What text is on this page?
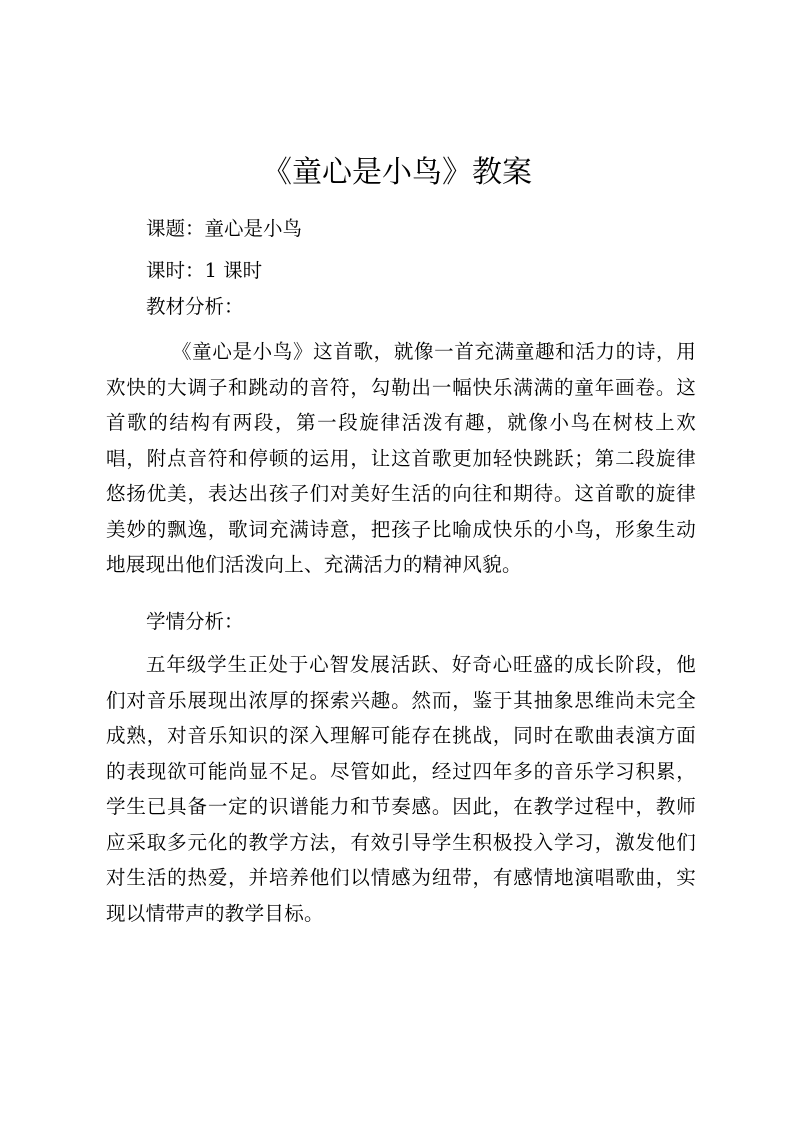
《童心是小鸟》教案
课题：童心是小鸟
课时：1 课时
教材分析：

《童心是小鸟》这首歌，就像一首充满童趣和活力的诗，用欢快的大调子和跳动的音符，勾勒出一幅快乐满满的童年画卷。这首歌的结构有两段，第一段旋律活泼有趣，就像小鸟在树枝上欢唱，附点音符和停顿的运用，让这首歌更加轻快跳跃；第二段旋律悠扬优美，表达出孩子们对美好生活的向往和期待。这首歌的旋律美妙的飘逸，歌词充满诗意，把孩子比喻成快乐的小鸟，形象生动地展现出他们活泼向上、充满活力的精神风貌。

学情分析：

五年级学生正处于心智发展活跃、好奇心旺盛的成长阶段，他们对音乐展现出浓厚的探索兴趣。然而，鉴于其抽象思维尚未完全成熟，对音乐知识的深入理解可能存在挑战，同时在歌曲表演方面的表现欲可能尚显不足。尽管如此，经过四年多的音乐学习积累，学生已具备一定的识谱能力和节奏感。因此，在教学过程中，教师应采取多元化的教学方法，有效引导学生积极投入学习，激发他们对生活的热爱，并培养他们以情感为纽带，有感情地演唱歌曲，实现以情带声的教学目标。
